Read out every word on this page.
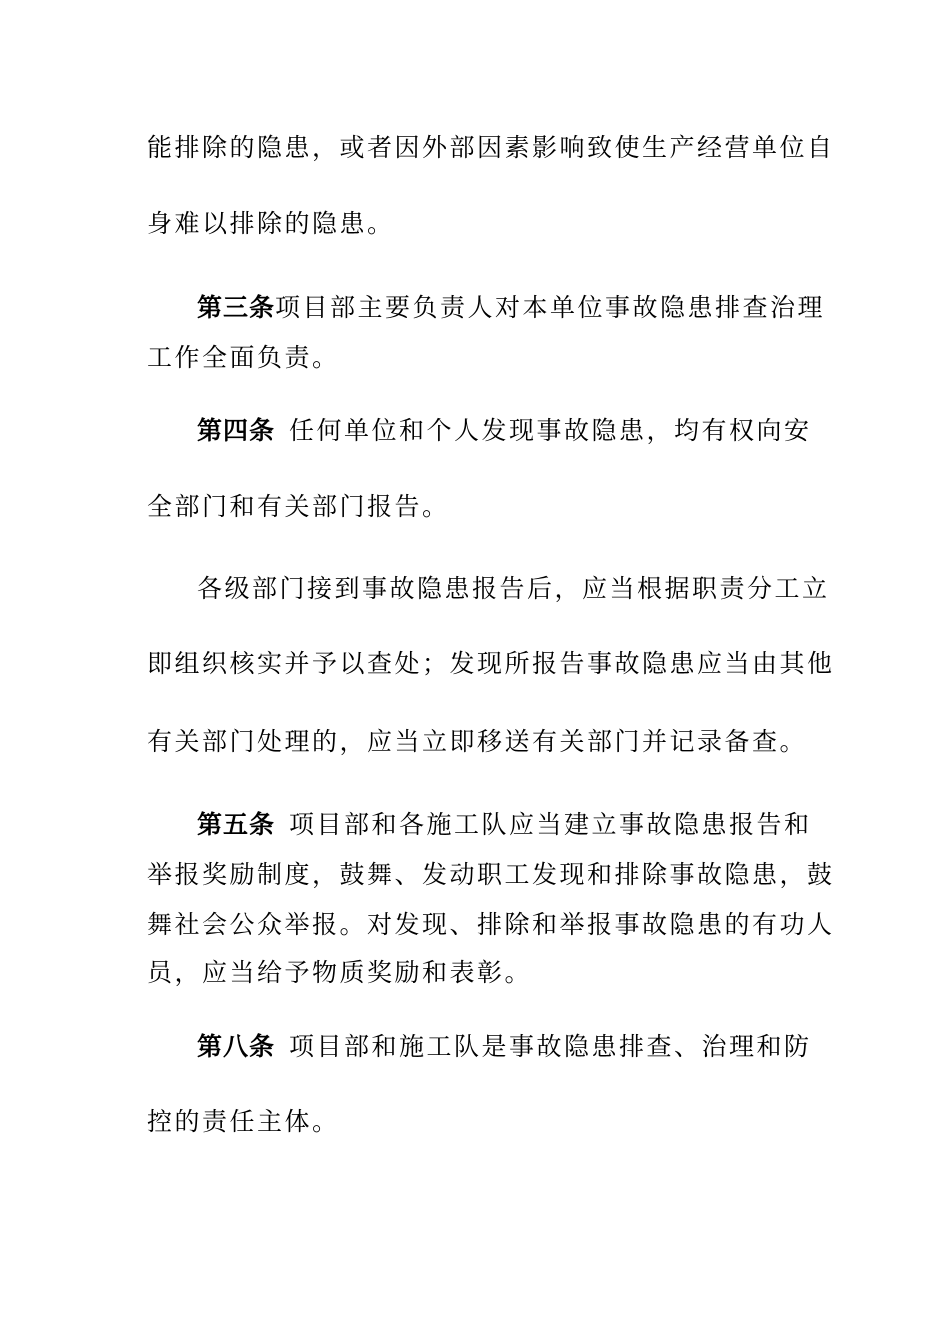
能排除的隐患，或者因外部因素影响致使生产经营单位自
身难以排除的隐患。
第三条项目部主要负责人对本单位事故隐患排查治理
工作全面负责。
第四条 任何单位和个人发现事故隐患，均有权向安
全部门和有关部门报告。
各级部门接到事故隐患报告后，应当根据职责分工立
即组织核实并予以查处；发现所报告事故隐患应当由其他
有关部门处理的，应当立即移送有关部门并记录备查。
第五条 项目部和各施工队应当建立事故隐患报告和
举报奖励制度，鼓舞、发动职工发现和排除事故隐患，鼓
舞社会公众举报。对发现、排除和举报事故隐患的有功人
员，应当给予物质奖励和表彰。
第八条 项目部和施工队是事故隐患排查、治理和防
控的责任主体。
